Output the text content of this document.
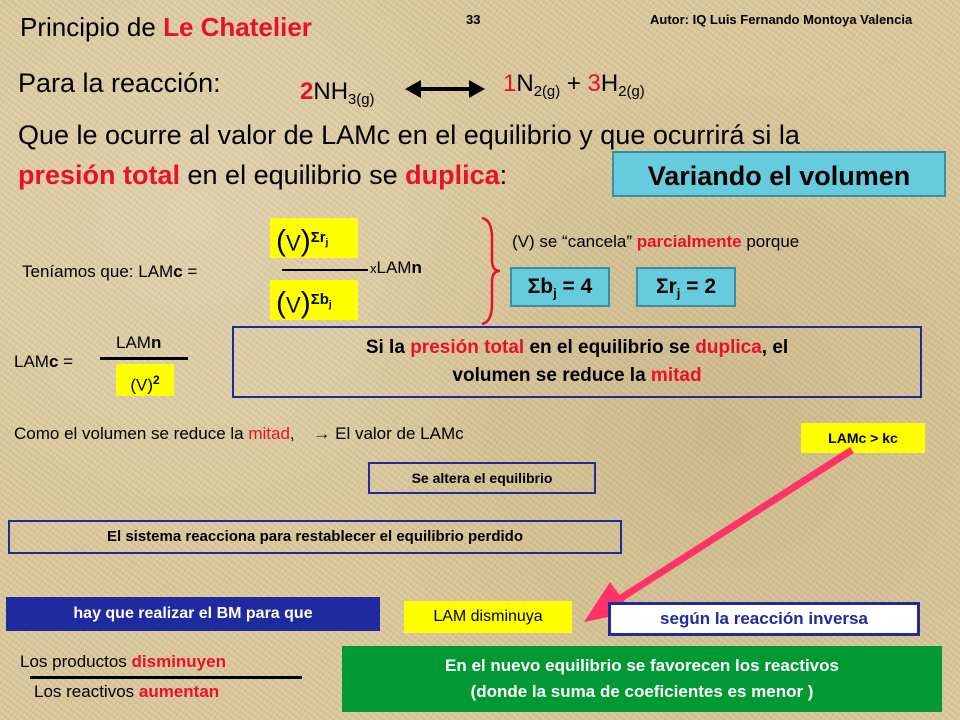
Principio de Le Chatelier	33	Autor: IQ Luis Fernando Montoya Valencia
Para la reacción:	$2NH_{3(g)}$
$1N_{2(g)} + 3H_{2(g)}$
Que le ocurre al valor de LAMc en el equilibrio y que ocurrirá si la
presión total en el equilibrio se duplica:	Variando el volumen
Teníamos que: LAMc =
$(V)^{\Sigma r_j}$
xLAMn
$(V)^{\Sigma b_j}$
(V) se “cancela” parcialmente porque
$\Sigma b_j = 4$	$\Sigma r_j = 2$
LAMc =
LAMn
$(V)^2$
Si la presión total en el equilibrio se duplica, el
volumen se reduce la mitad
Como el volumen se reduce la mitad, → El valor de LAMc	LAMc > kc
Se altera el equilibrio
El sistema reacciona para restablecer el equilibrio perdido
hay que realizar el BM para que	LAM disminuya	según la reacción inversa
Los productos disminuyen
Los reactivos aumentan
En el nuevo equilibrio se favorecen los reactivos
(donde la suma de coeficientes es menor )
